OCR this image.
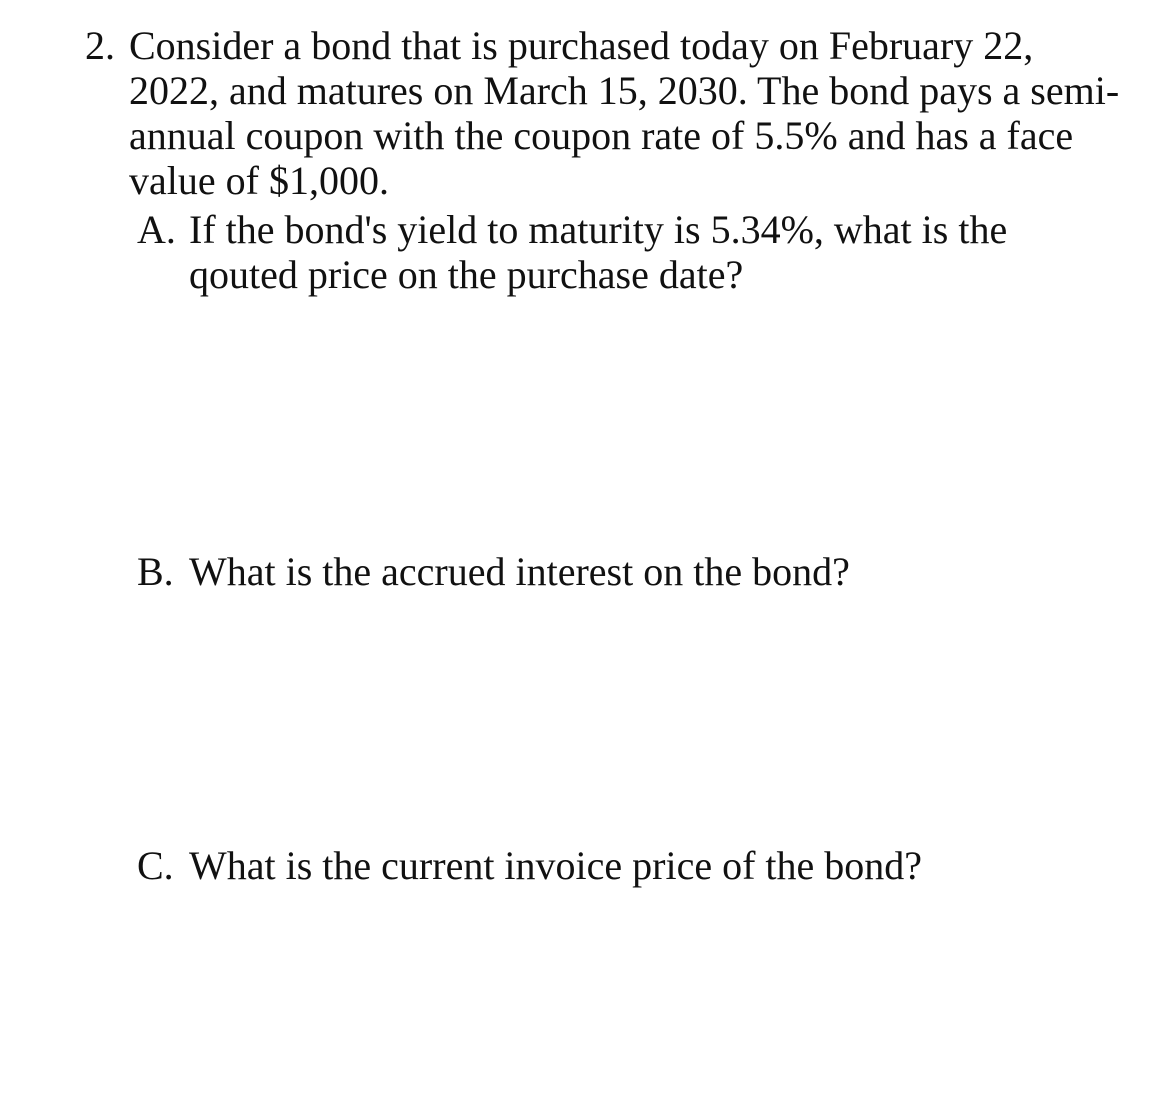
2. Consider a bond that is purchased today on February 22,
2022, and matures on March 15, 2030. The bond pays a semi-
annual coupon with the coupon rate of 5.5% and has a face
value of $1,000.
A. If the bond's yield to maturity is 5.34%, what is the
qouted price on the purchase date?
B. What is the accrued interest on the bond?
C. What is the current invoice price of the bond?
